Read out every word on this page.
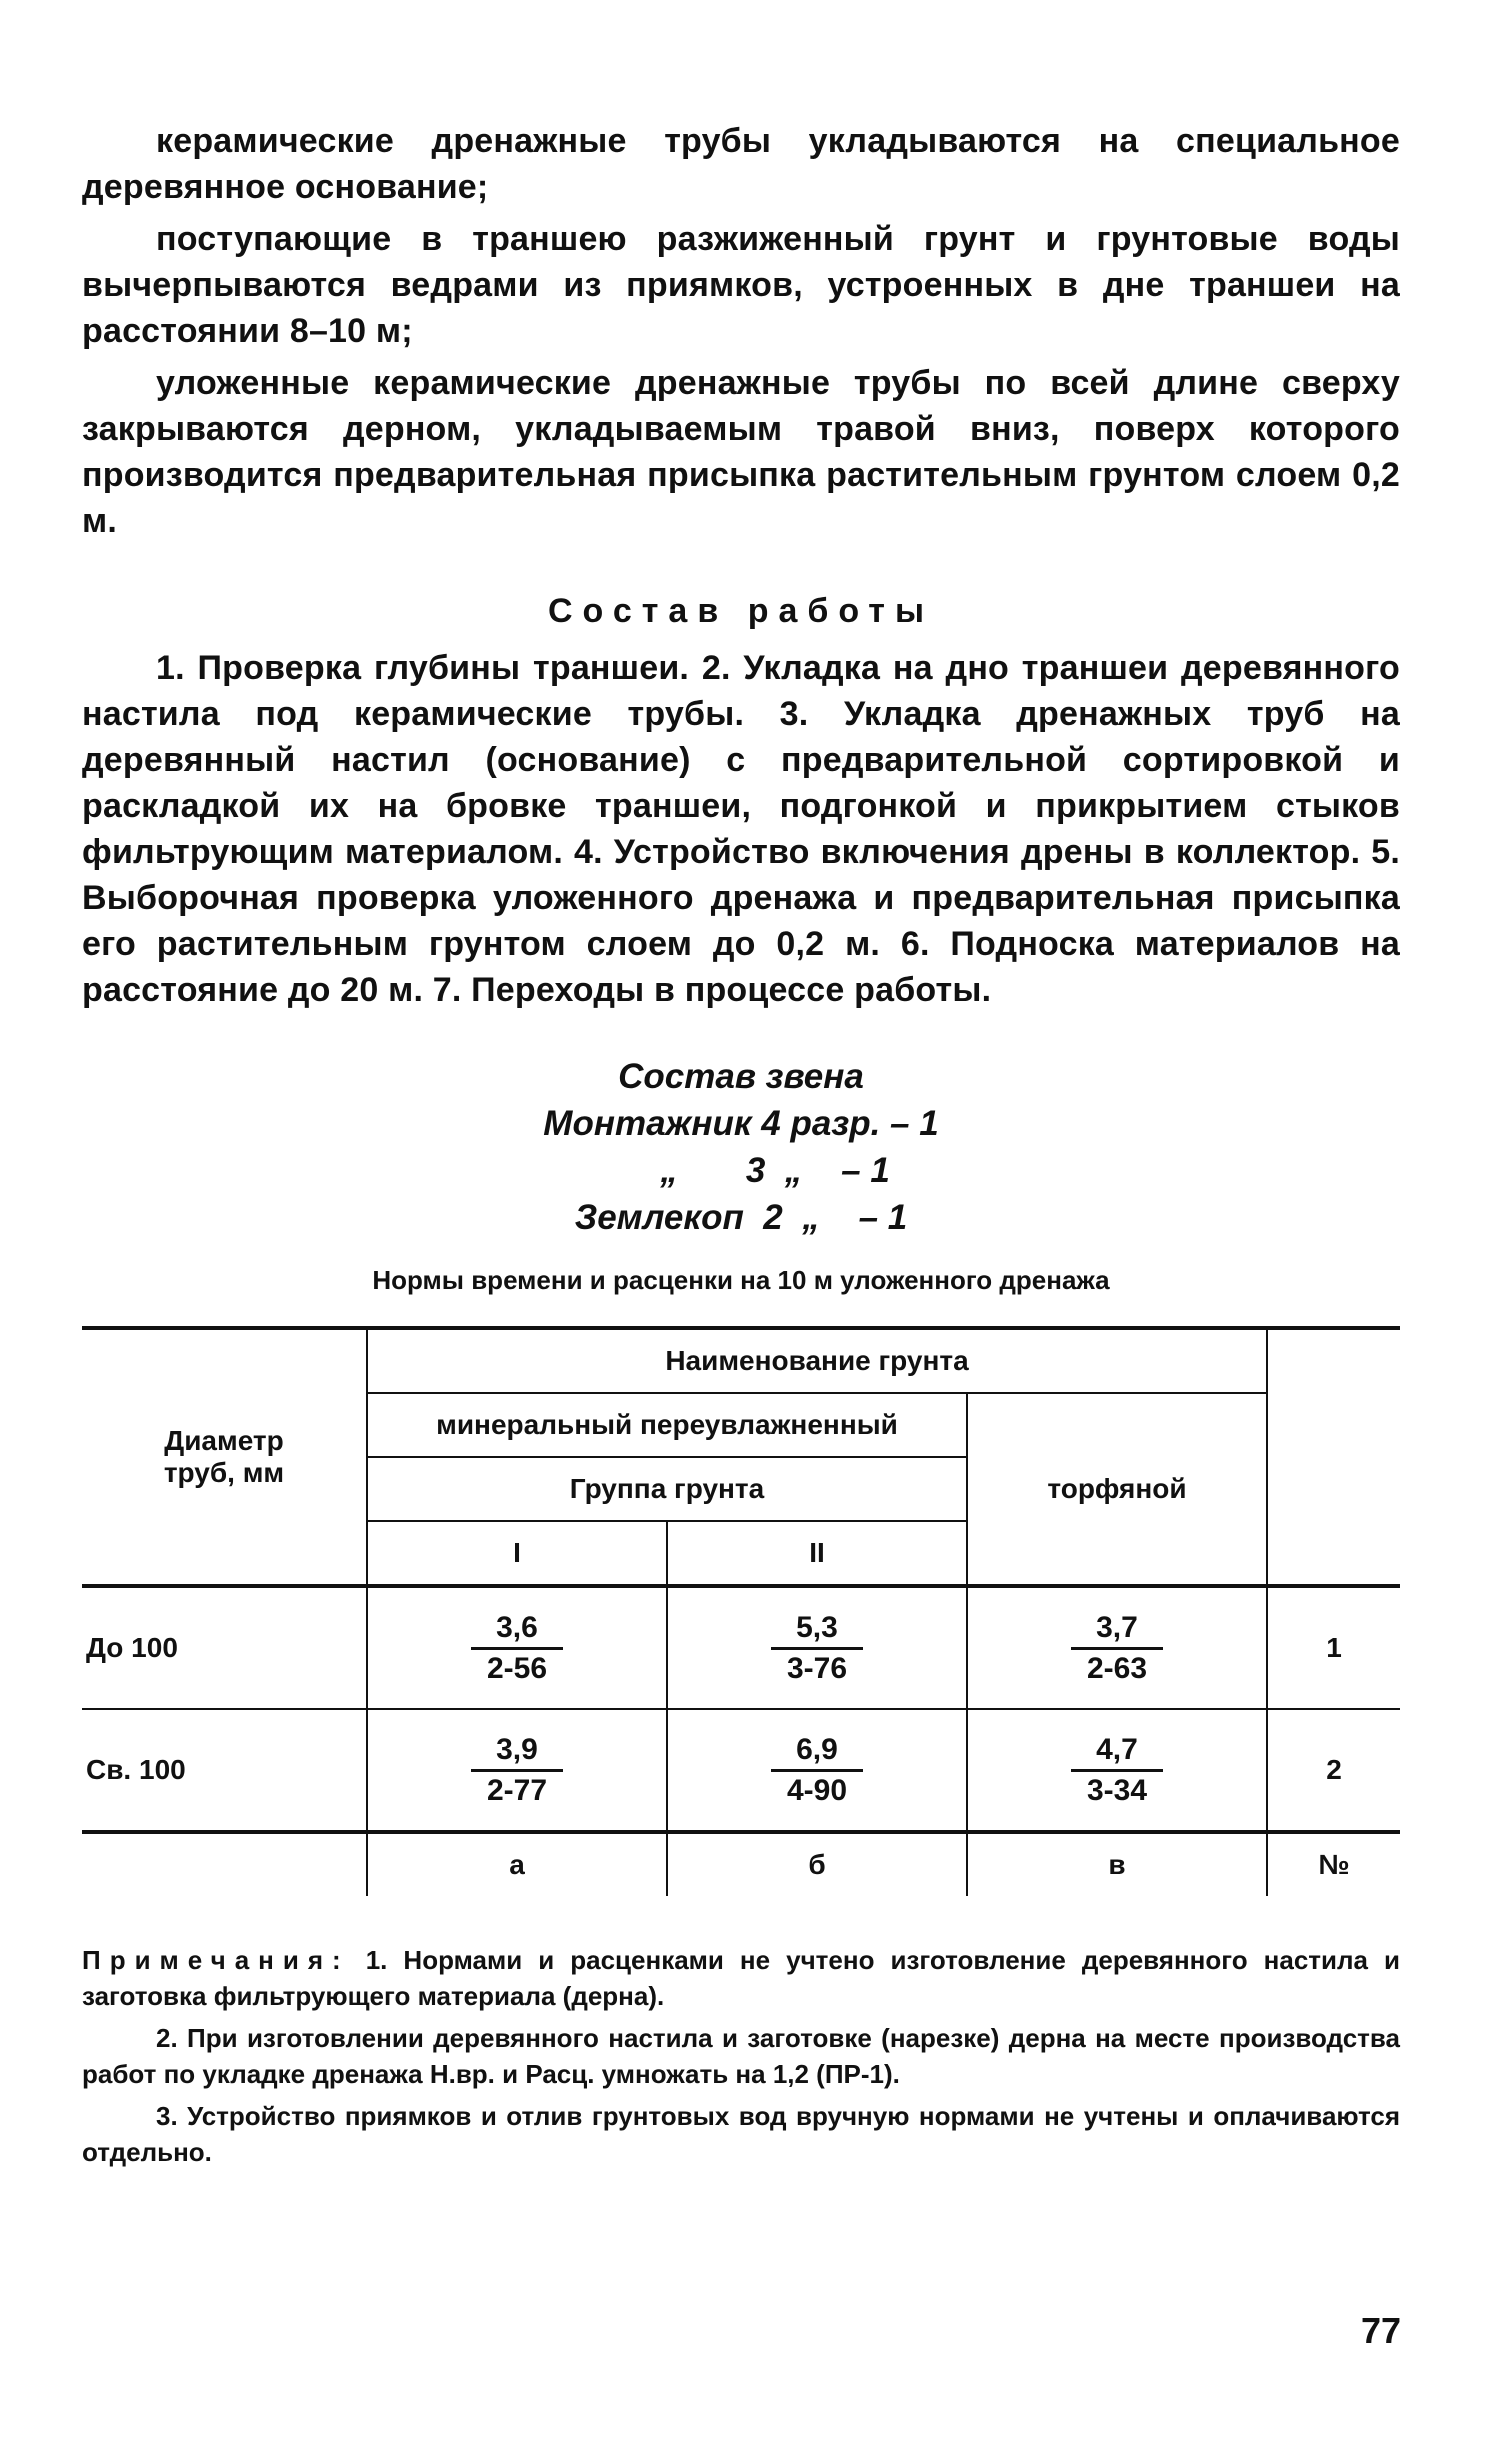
керамические дренажные трубы укладываются на специальное деревянное основание;

поступающие в траншею разжиженный грунт и грунтовые воды вычерпываются ведрами из приямков, устроенных в дне траншеи на расстоянии 8–10 м;

уложенные керамические дренажные трубы по всей длине сверху закрываются дерном, укладываемым травой вниз, поверх которого производится предварительная присыпка растительным грунтом слоем 0,2 м.

Состав работы

1. Проверка глубины траншеи. 2. Укладка на дно траншеи деревянного настила под керамические трубы. 3. Укладка дренажных труб на деревянный настил (основание) с предварительной сортировкой и раскладкой их на бровке траншеи, подгонкой и прикрытием стыков фильтрующим материалом. 4. Устройство включения дрены в коллектор. 5. Выборочная проверка уложенного дренажа и предварительная присыпка его растительным грунтом слоем до 0,2 м. 6. Подноска материалов на расстояние до 20 м. 7. Переходы в процессе работы.

Состав звена
Монтажник 4 разр. – 1
„       3  „    – 1
Землекоп  2  „    – 1
Нормы времени и расценки на 10 м уложенного дренажа
Диаметр труб, мм	Наименование грунта			
	минеральный переувлажненный		торфяной	
	Группа грунта			
	I	II		
До 100	$\frac{3,6}{2-56}$	$\frac{5,3}{3-76}$	$\frac{3,7}{2-63}$	1
Св. 100	$\frac{3,9}{2-77}$	$\frac{6,9}{4-90}$	$\frac{4,7}{3-34}$	2
	а	б	в	№

Примечания: 1. Нормами и расценками не учтено изготовление деревянного настила и заготовка фильтрующего материала (дерна).

2. При изготовлении деревянного настила и заготовке (нарезке) дерна на месте производства работ по укладке дренажа Н.вр. и Расц. умножать на 1,2 (ПР-1).

3. Устройство приямков и отлив грунтовых вод вручную нормами не учтены и оплачиваются отдельно.

77
